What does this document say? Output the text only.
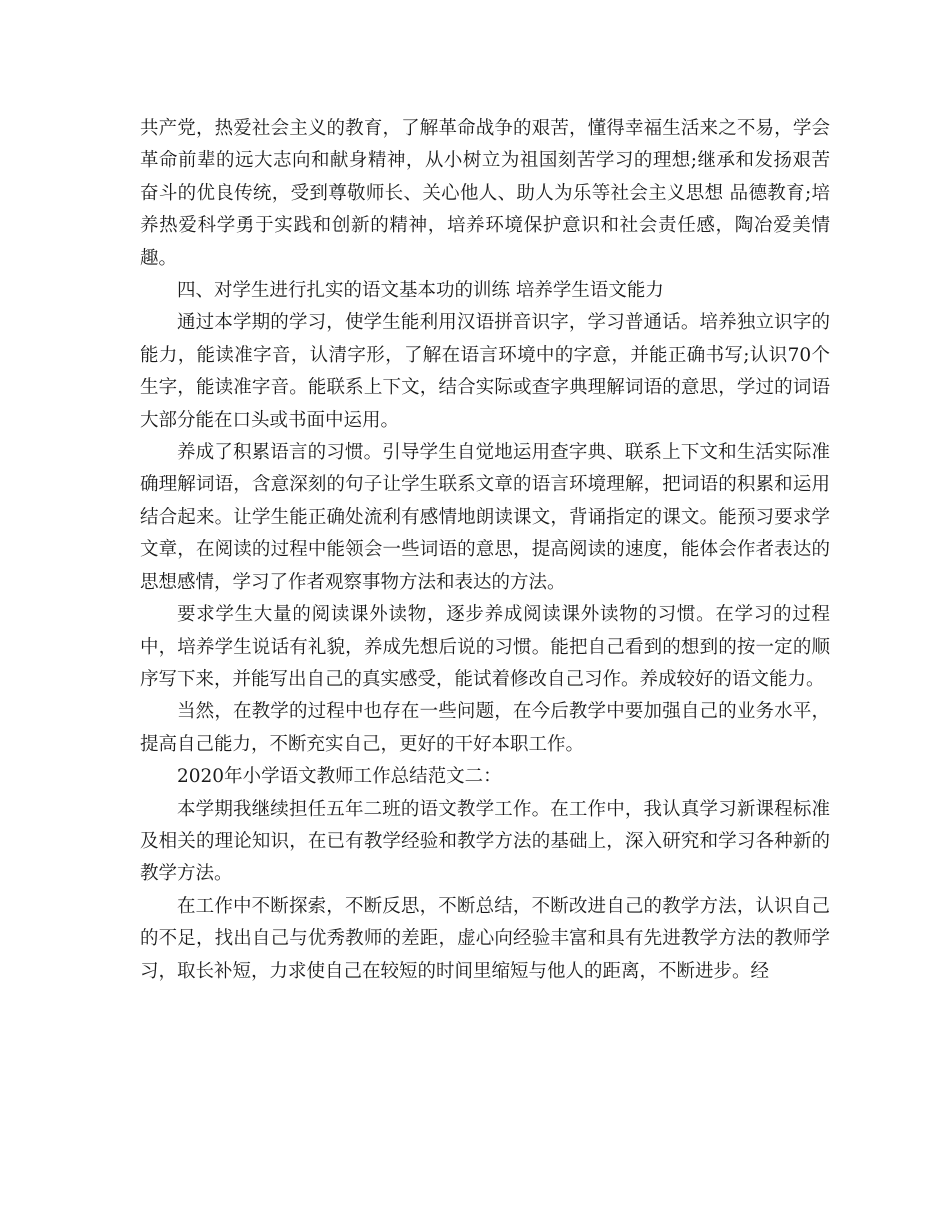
共产党，热爱社会主义的教育，了解革命战争的艰苦，懂得幸福生活来之不易，学会革命前辈的远大志向和献身精神，从小树立为祖国刻苦学习的理想;继承和发扬艰苦奋斗的优良传统，受到尊敬师长、关心他人、助人为乐等社会主义思想 品德教育;培养热爱科学勇于实践和创新的精神，培养环境保护意识和社会责任感，陶冶爱美情趣。

四、对学生进行扎实的语文基本功的训练 培养学生语文能力

通过本学期的学习，使学生能利用汉语拼音识字，学习普通话。培养独立识字的能力，能读准字音，认清字形，了解在语言环境中的字意，并能正确书写;认识70个生字，能读准字音。能联系上下文，结合实际或查字典理解词语的意思，学过的词语大部分能在口头或书面中运用。

养成了积累语言的习惯。引导学生自觉地运用查字典、联系上下文和生活实际准确理解词语，含意深刻的句子让学生联系文章的语言环境理解，把词语的积累和运用结合起来。让学生能正确处流利有感情地朗读课文，背诵指定的课文。能预习要求学文章，在阅读的过程中能领会一些词语的意思，提高阅读的速度，能体会作者表达的思想感情，学习了作者观察事物方法和表达的方法。

要求学生大量的阅读课外读物，逐步养成阅读课外读物的习惯。在学习的过程中，培养学生说话有礼貌，养成先想后说的习惯。能把自己看到的想到的按一定的顺序写下来，并能写出自己的真实感受，能试着修改自己习作。养成较好的语文能力。

当然，在教学的过程中也存在一些问题，在今后教学中要加强自己的业务水平，提高自己能力，不断充实自己，更好的干好本职工作。

2020年小学语文教师工作总结范文二：

本学期我继续担任五年二班的语文教学工作。在工作中，我认真学习新课程标准及相关的理论知识，在已有教学经验和教学方法的基础上，深入研究和学习各种新的教学方法。

在工作中不断探索，不断反思，不断总结，不断改进自己的教学方法，认识自己的不足，找出自己与优秀教师的差距，虚心向经验丰富和具有先进教学方法的教师学习，取长补短，力求使自己在较短的时间里缩短与他人的距离，不断进步。经
